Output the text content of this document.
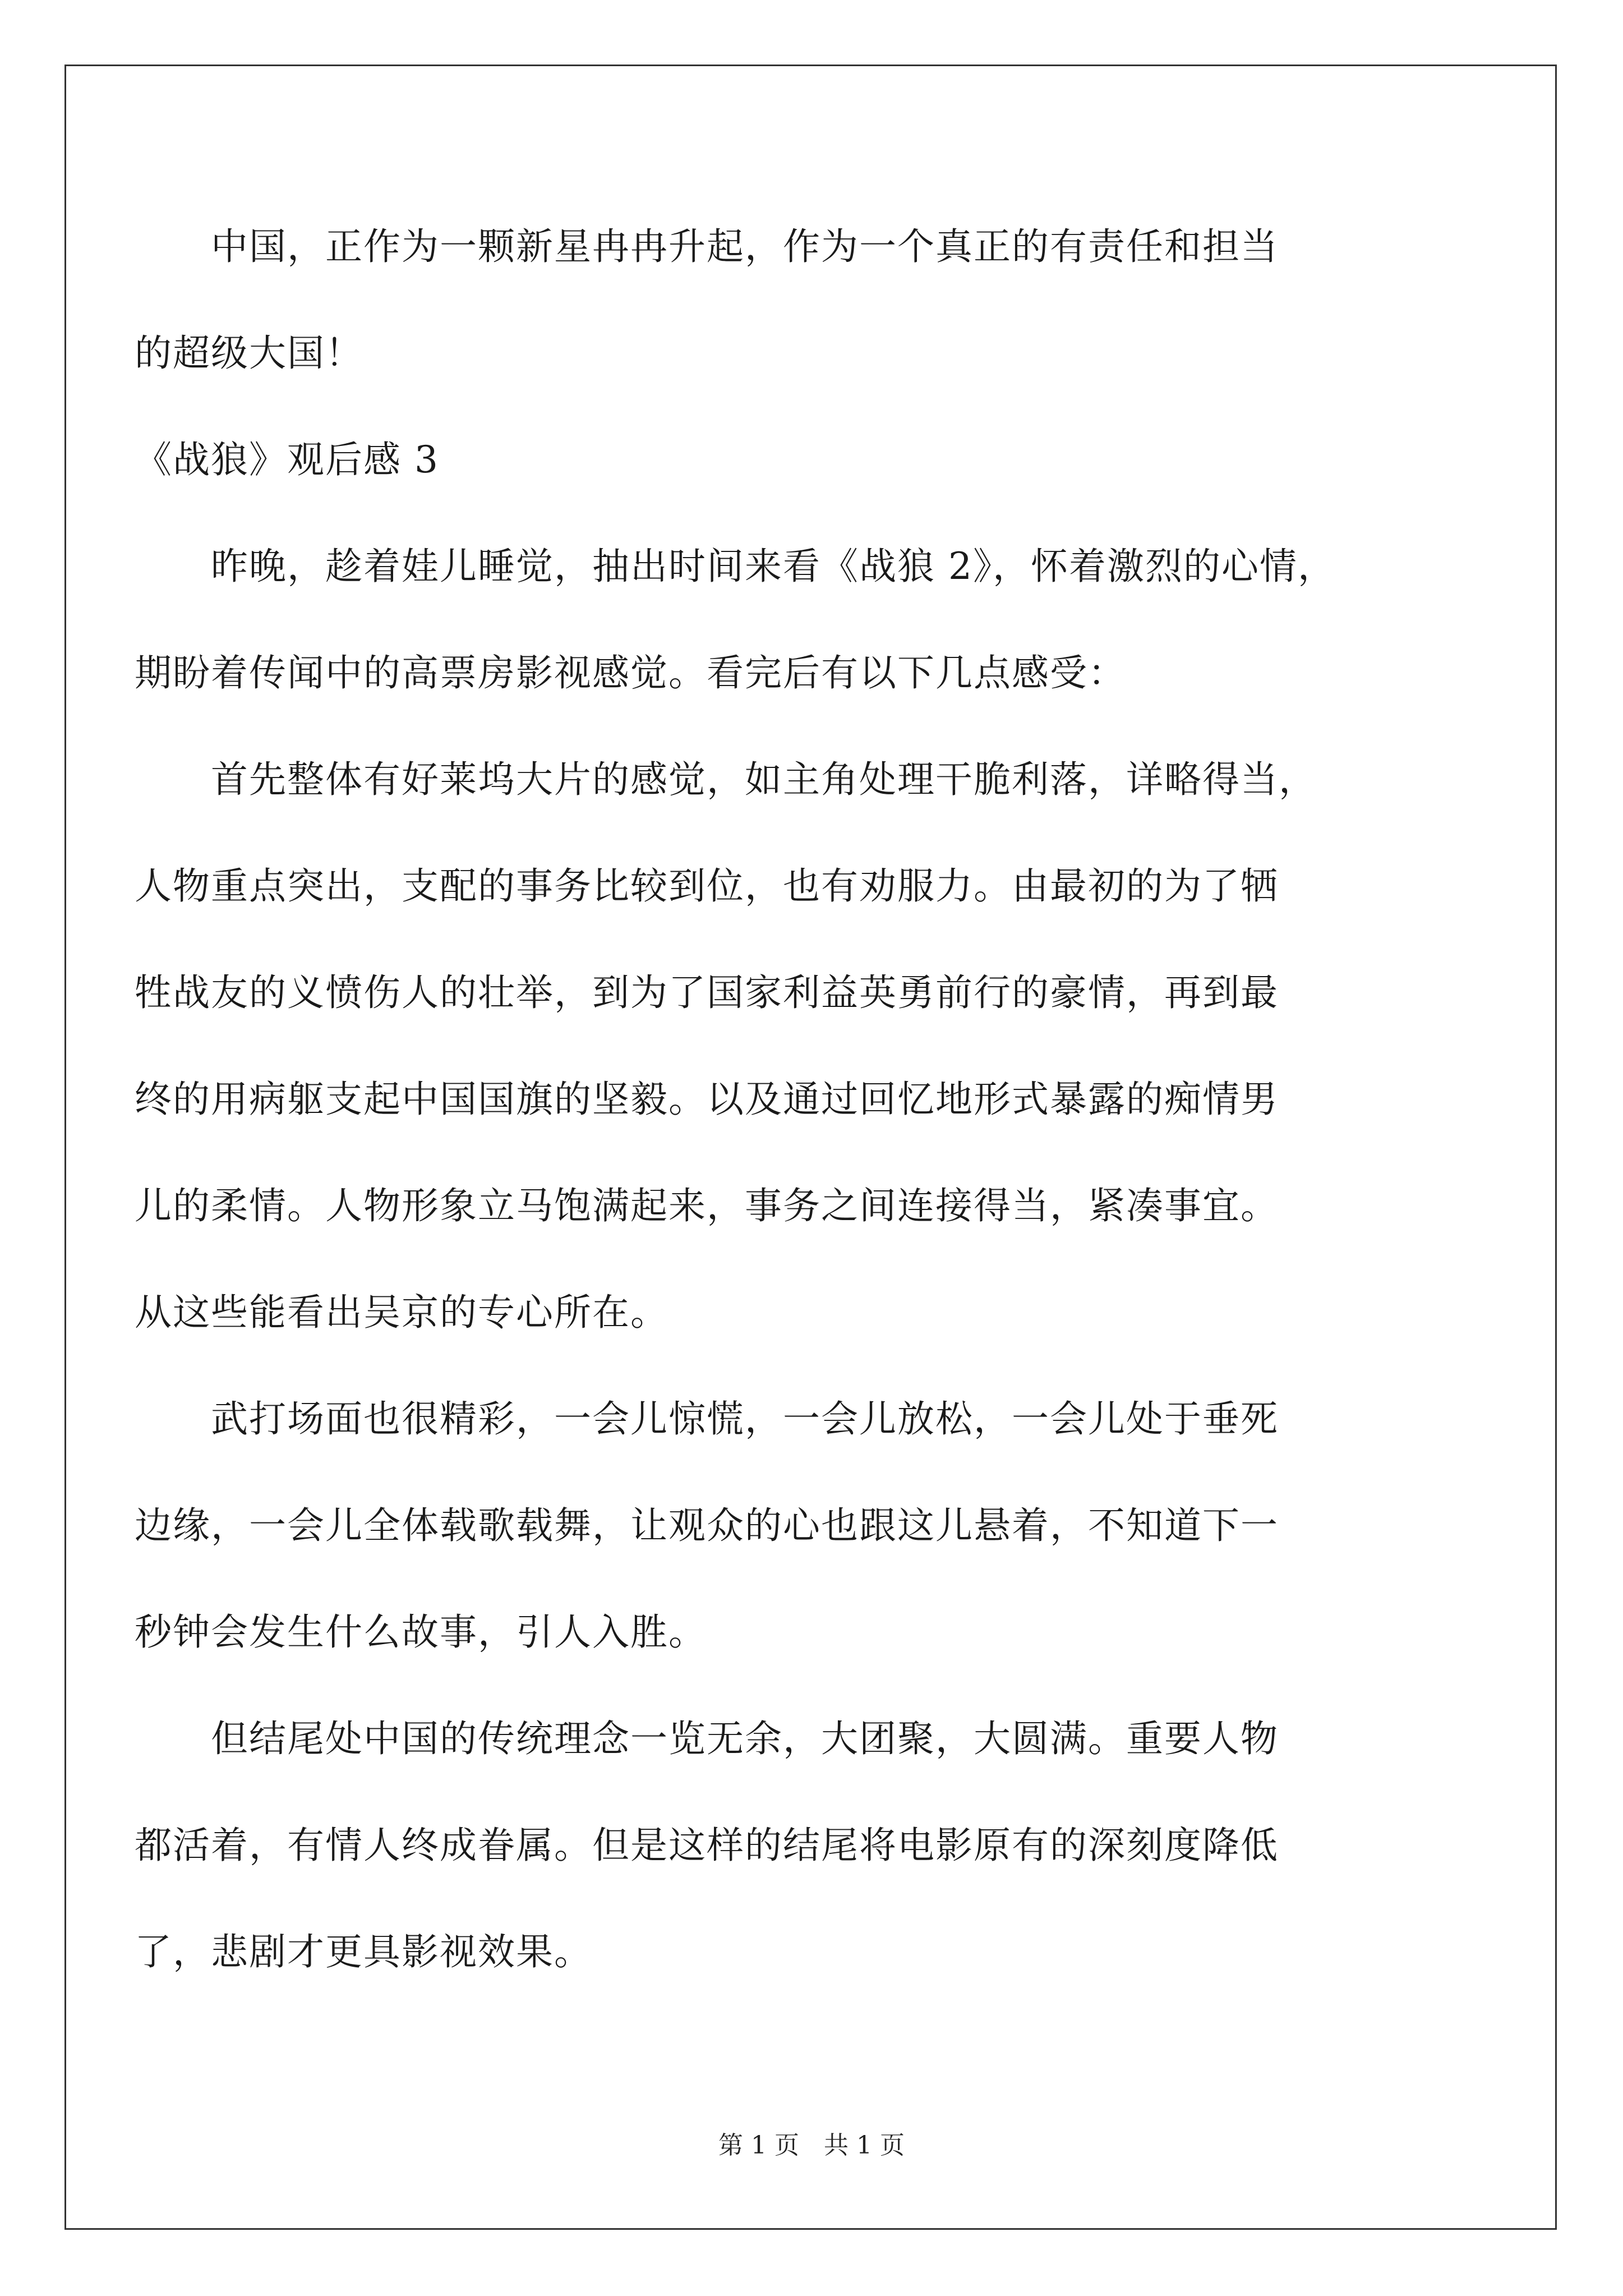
　　中国，正作为一颗新星冉冉升起，作为一个真正的有责任和担当
的超级大国！
《战狼》观后感 3
　　昨晚，趁着娃儿睡觉，抽出时间来看《战狼 2》，怀着激烈的心情，
期盼着传闻中的高票房影视感觉。看完后有以下几点感受：
　　首先整体有好莱坞大片的感觉，如主角处理干脆利落，详略得当，
人物重点突出，支配的事务比较到位，也有劝服力。由最初的为了牺
牲战友的义愤伤人的壮举，到为了国家利益英勇前行的豪情，再到最
终的用病躯支起中国国旗的坚毅。以及通过回忆地形式暴露的痴情男
儿的柔情。人物形象立马饱满起来，事务之间连接得当，紧凑事宜。
从这些能看出吴京的专心所在。
　　武打场面也很精彩，一会儿惊慌，一会儿放松，一会儿处于垂死
边缘，一会儿全体载歌载舞，让观众的心也跟这儿悬着，不知道下一
秒钟会发生什么故事，引人入胜。
　　但结尾处中国的传统理念一览无余，大团聚，大圆满。重要人物
都活着，有情人终成眷属。但是这样的结尾将电影原有的深刻度降低
了，悲剧才更具影视效果。
第 1 页　共 1 页
